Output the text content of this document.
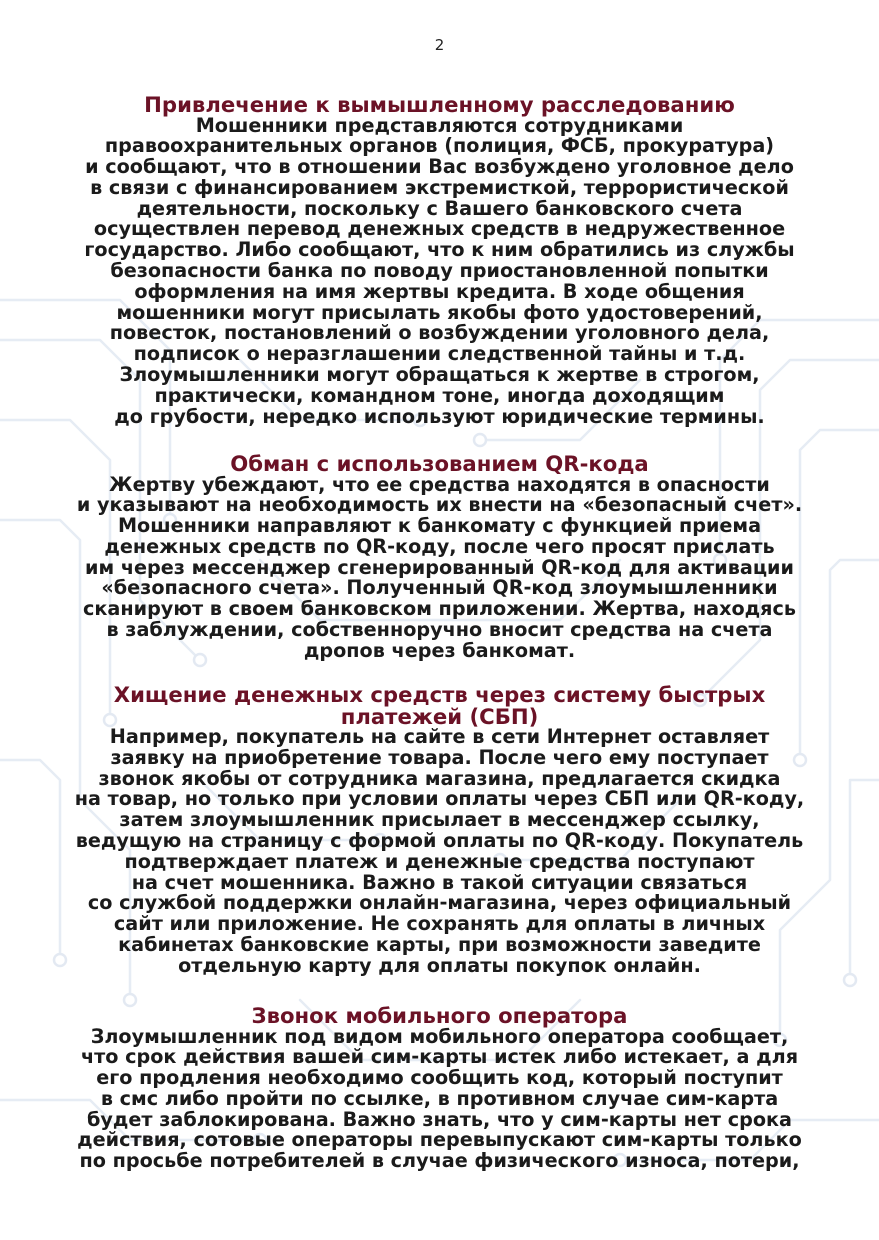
2
Привлечение к вымышленному расследованию

Мошенники представляются сотрудниками
правоохранительных органов (полиция, ФСБ, прокуратура)
и сообщают, что в отношении Вас возбуждено уголовное дело
в связи с финансированием экстремисткой, террористической
деятельности, поскольку с Вашего банковского счета
осуществлен перевод денежных средств в недружественное
государство. Либо сообщают, что к ним обратились из службы
безопасности банка по поводу приостановленной попытки
оформления на имя жертвы кредита. В ходе общения
мошенники могут присылать якобы фото удостоверений,
повесток, постановлений о возбуждении уголовного дела,
подписок о неразглашении следственной тайны и т.д.
Злоумышленники могут обращаться к жертве в строгом,
практически, командном тоне, иногда доходящим
до грубости, нередко используют юридические термины.

Обман с использованием QR-кода

Жертву убеждают, что ее средства находятся в опасности
и указывают на необходимость их внести на «безопасный счет».
Мошенники направляют к банкомату с функцией приема
денежных средств по QR-коду, после чего просят прислать
им через мессенджер сгенерированный QR-код для активации
«безопасного счета». Полученный QR-код злоумышленники
сканируют в своем банковском приложении. Жертва, находясь
в заблуждении, собственноручно вносит средства на счета
дропов через банкомат.

Хищение денежных средств через систему быстрых
платежей (СБП)

Например, покупатель на сайте в сети Интернет оставляет
заявку на приобретение товара. После чего ему поступает
звонок якобы от сотрудника магазина, предлагается скидка
на товар, но только при условии оплаты через СБП или QR-коду,
затем злоумышленник присылает в мессенджер ссылку,
ведущую на страницу с формой оплаты по QR-коду. Покупатель
подтверждает платеж и денежные средства поступают
на счет мошенника. Важно в такой ситуации связаться
со службой поддержки онлайн-магазина, через официальный
сайт или приложение. Не сохранять для оплаты в личных
кабинетах банковские карты, при возможности заведите
отдельную карту для оплаты покупок онлайн.

Звонок мобильного оператора

Злоумышленник под видом мобильного оператора сообщает,
что срок действия вашей сим-карты истек либо истекает, а для
его продления необходимо сообщить код, который поступит
в смс либо пройти по ссылке, в противном случае сим-карта
будет заблокирована. Важно знать, что у сим-карты нет срока
действия, сотовые операторы перевыпускают сим-карты только
по просьбе потребителей в случае физического износа, потери,
